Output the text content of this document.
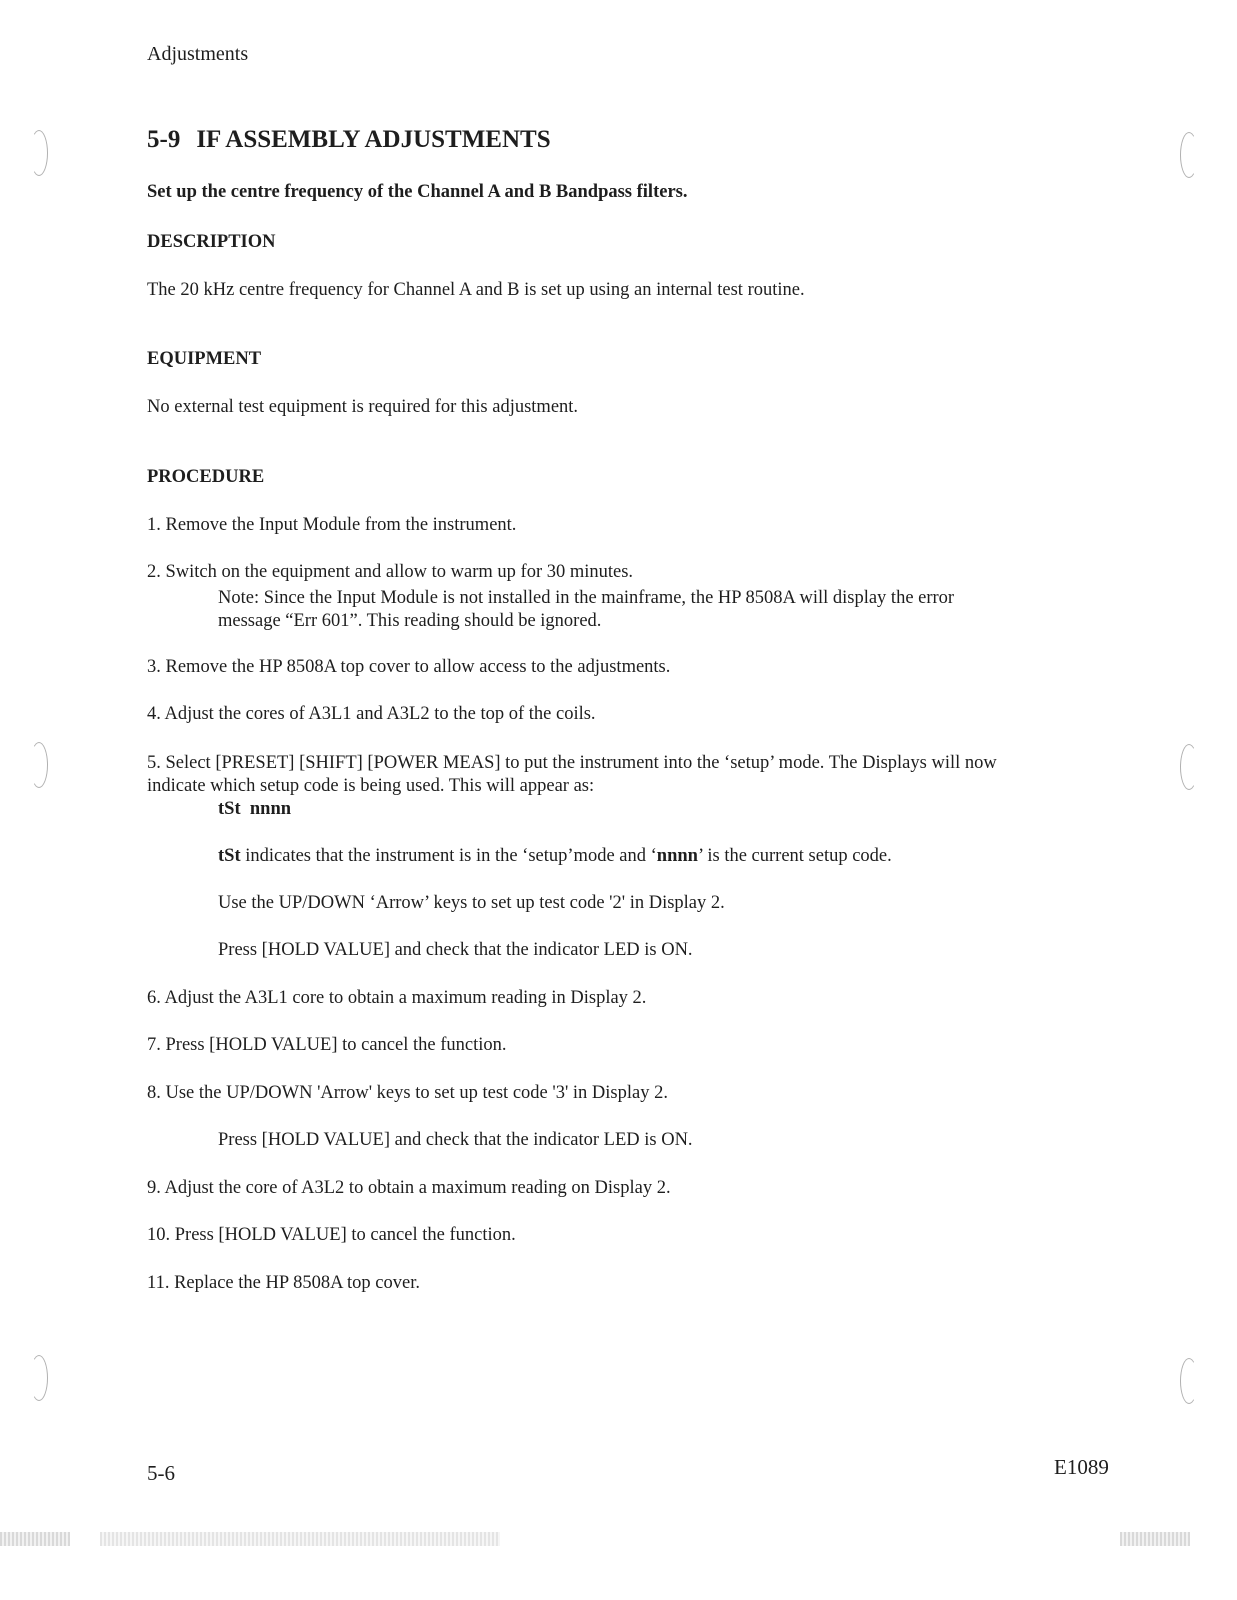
Adjustments
5-9 IF ASSEMBLY ADJUSTMENTS
Set up the centre frequency of the Channel A and B Bandpass filters.
DESCRIPTION
The 20 kHz centre frequency for Channel A and B is set up using an internal test routine.
EQUIPMENT
No external test equipment is required for this adjustment.
PROCEDURE
1. Remove the Input Module from the instrument.
2. Switch on the equipment and allow to warm up for 30 minutes.
Note: Since the Input Module is not installed in the mainframe, the HP 8508A will display the error
message “Err 601”. This reading should be ignored.
3. Remove the HP 8508A top cover to allow access to the adjustments.
4. Adjust the cores of A3L1 and A3L2 to the top of the coils.
5. Select [PRESET] [SHIFT] [POWER MEAS] to put the instrument into the ‘setup’ mode. The Displays will now
indicate which setup code is being used. This will appear as:
tSt nnnn
tSt indicates that the instrument is in the ‘setup’mode and ‘nnnn’ is the current setup code.
Use the UP/DOWN ‘Arrow’ keys to set up test code '2' in Display 2.
Press [HOLD VALUE] and check that the indicator LED is ON.
6. Adjust the A3L1 core to obtain a maximum reading in Display 2.
7. Press [HOLD VALUE] to cancel the function.
8. Use the UP/DOWN 'Arrow' keys to set up test code '3' in Display 2.
Press [HOLD VALUE] and check that the indicator LED is ON.
9. Adjust the core of A3L2 to obtain a maximum reading on Display 2.
10. Press [HOLD VALUE] to cancel the function.
11. Replace the HP 8508A top cover.
5-6	E1089
